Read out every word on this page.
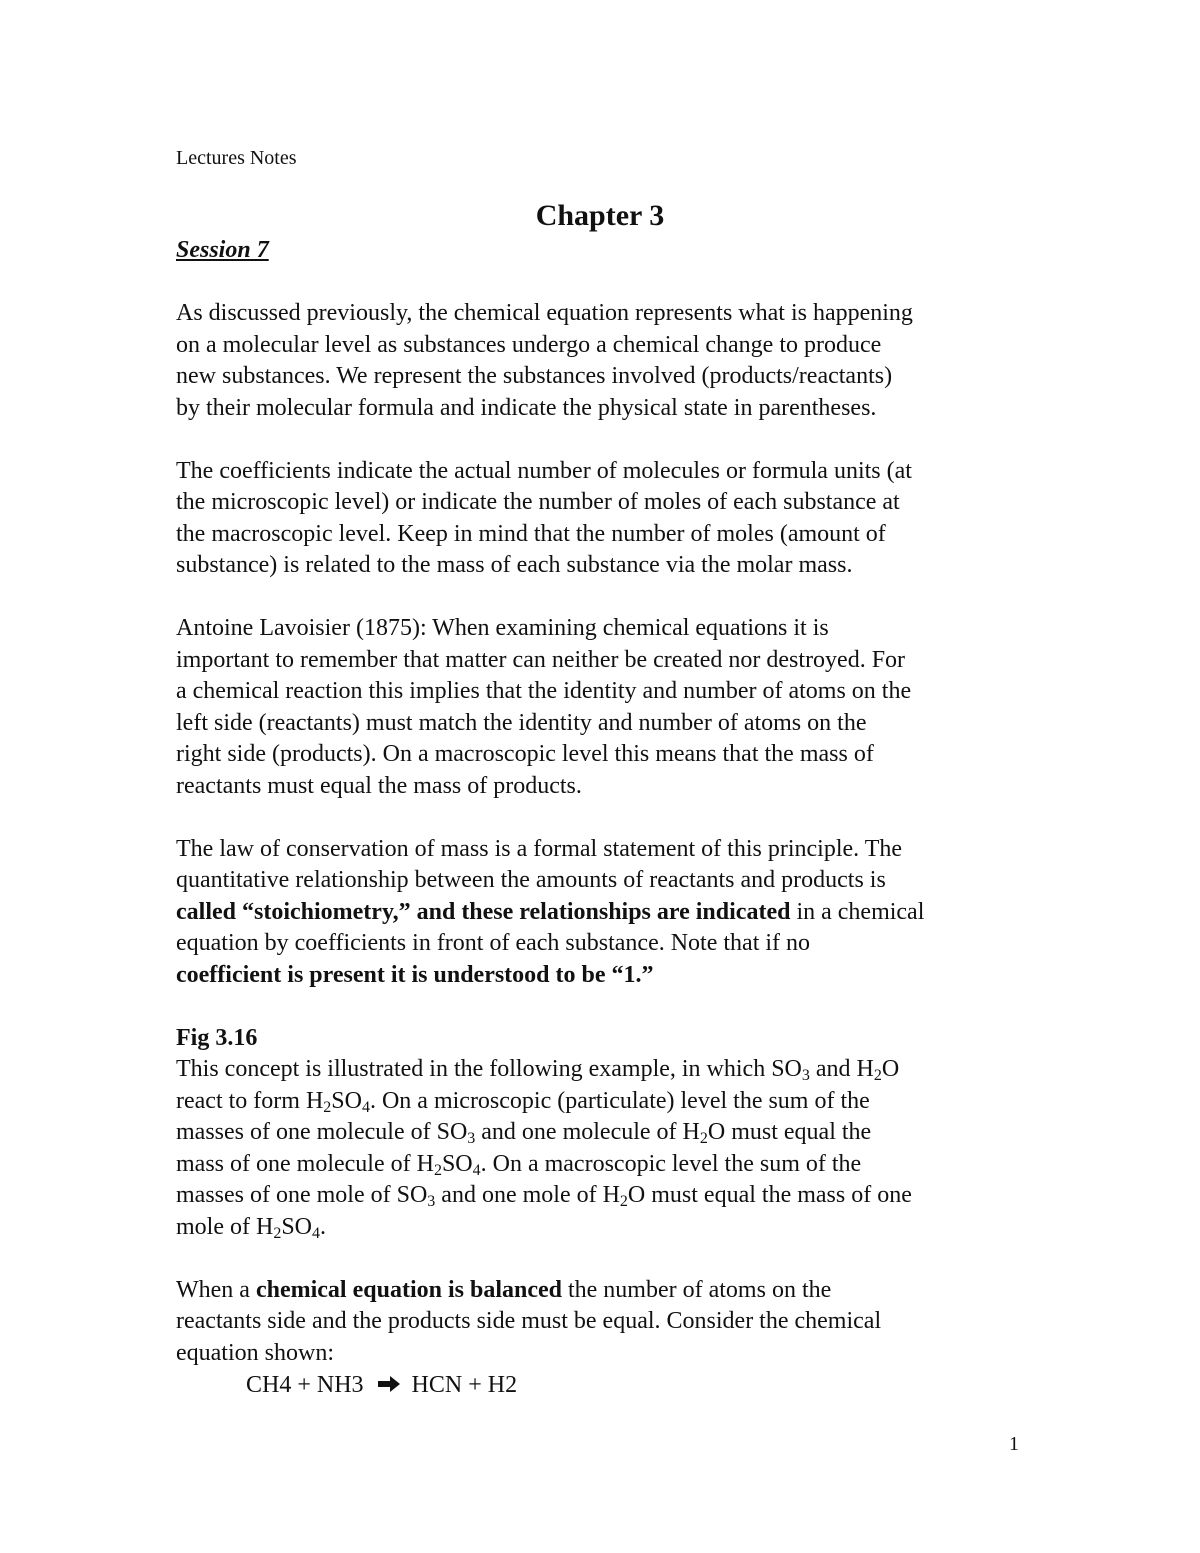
Lectures Notes
Chapter 3
Session 7

As discussed previously, the chemical equation represents what is happening
on a molecular level as substances undergo a chemical change to produce
new substances. We represent the substances involved (products/reactants)
by their molecular formula and indicate the physical state in parentheses.

The coefficients indicate the actual number of molecules or formula units (at
the microscopic level) or indicate the number of moles of each substance at
the macroscopic level. Keep in mind that the number of moles (amount of
substance) is related to the mass of each substance via the molar mass.

Antoine Lavoisier (1875): When examining chemical equations it is
important to remember that matter can neither be created nor destroyed. For
a chemical reaction this implies that the identity and number of atoms on the
left side (reactants) must match the identity and number of atoms on the
right side (products). On a macroscopic level this means that the mass of
reactants must equal the mass of products.

The law of conservation of mass is a formal statement of this principle. The
quantitative relationship between the amounts of reactants and products is
called “stoichiometry,” and these relationships are indicated in a chemical
equation by coefficients in front of each substance. Note that if no
coefficient is present it is understood to be “1.”

Fig 3.16
This concept is illustrated in the following example, in which $SO_3$ and $H_2O$
react to form $H_2SO_4$. On a microscopic (particulate) level the sum of the
masses of one molecule of $SO_3$ and one molecule of $H_2O$ must equal the
mass of one molecule of $H_2SO_4$. On a macroscopic level the sum of the
masses of one mole of $SO_3$ and one mole of $H_2O$ must equal the mass of one
mole of $H_2SO_4$.

When a chemical equation is balanced the number of atoms on the
reactants side and the products side must be equal. Consider the chemical
equation shown:

CH4 + NH3 HCN + H2
1
